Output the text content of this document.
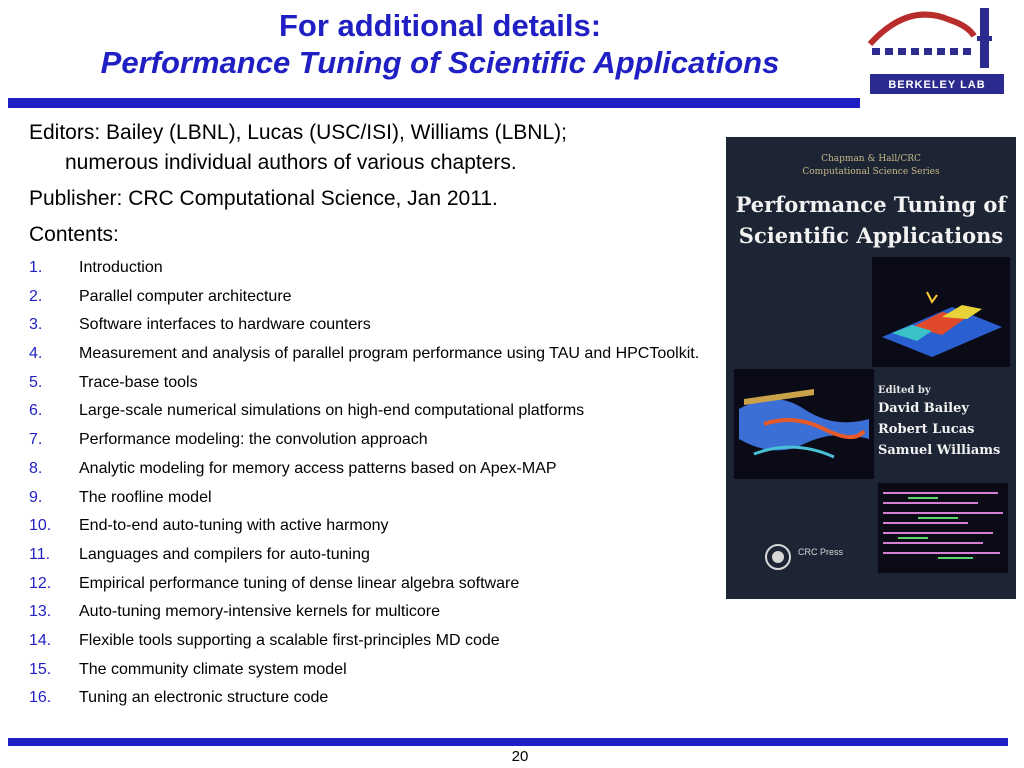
For additional details:
Performance Tuning of Scientific Applications
BERKELEY LAB

Editors: Bailey (LBNL), Lucas (USC/ISI), Williams (LBNL);

numerous individual authors of various chapters.

Publisher: CRC Computational Science, Jan 2011.

Contents:

1.	Introduction
2.	Parallel computer architecture
3.	Software interfaces to hardware counters
4.	Measurement and analysis of parallel program performance using TAU and HPCToolkit.
5.	Trace-base tools
6.	Large-scale numerical simulations on high-end computational platforms
7.	Performance modeling: the convolution approach
8.	Analytic modeling for memory access patterns based on Apex-MAP
9.	The roofline model
10.	End-to-end auto-tuning with active harmony
11.	Languages and compilers for auto-tuning
12.	Empirical performance tuning of dense linear algebra software
13.	Auto-tuning memory-intensive kernels for multicore
14.	Flexible tools supporting a scalable first-principles MD code
15.	The community climate system model
16.	Tuning an electronic structure code
Chapman & Hall/CRC
Computational Science Series
Performance Tuning of
Scientific Applications
Edited by
David Bailey
Robert Lucas
Samuel Williams
CRC Press
20
